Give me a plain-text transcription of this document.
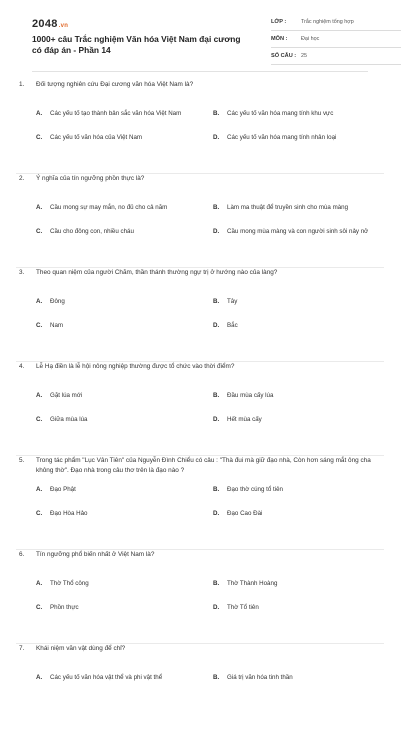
2048.vn
1000+ câu Trắc nghiệm Văn hóa Việt Nam đại cương có đáp án - Phần 14
LỚP :	Trắc nghiệm tổng hợp
MÔN :	Đại học
SỐ CÂU : 25
1.	Đối tượng nghiên cứu Đại cương văn hóa Việt Nam là?
A.	Các yếu tố tạo thành bản sắc văn hóa Việt Nam	B.	Các yếu tố văn hóa mang tính khu vực
C.	Các yếu tố văn hóa của Việt Nam	D.	Các yếu tố văn hóa mang tính nhân loại
2.	Ý nghĩa của tín ngưỡng phồn thực là?
A.	Cầu mong sự may mắn, no đủ cho cả năm	B.	Làm ma thuật để truyền sinh cho mùa màng
C.	Cầu cho đông con, nhiều cháu	D.	Cầu mong mùa màng và con người sinh sôi nảy nở
3.	Theo quan niệm của người Chăm, thần thánh thường ngự trị ở hướng nào của làng?
A.	Đông	B.	Tây
C.	Nam	D.	Bắc
4.	Lễ Hạ điền là lễ hội nông nghiệp thường được tổ chức vào thời điểm?
A.	Gặt lúa mới	B.	Đầu mùa cấy lúa
C.	Giữa mùa lúa	D.	Hết mùa cấy
5.	Trong tác phẩm "Lục Vân Tiên" của Nguyễn Đình Chiểu có câu : "Thà đui mà giữ đạo nhà, Còn hơn sáng mắt ông cha không thờ". Đạo nhà trong câu thơ trên là đạo nào ?
A.	Đạo Phật	B.	Đạo thờ cúng tổ tiên
C.	Đạo Hòa Hảo	D.	Đạo Cao Đài
6.	Tín ngưỡng phổ biến nhất ở Việt Nam là?
A.	Thờ Thổ công	B.	Thờ Thành Hoàng
C.	Phồn thực	D.	Thờ Tổ tiên
7.	Khái niệm văn vật dùng để chỉ?
A.	Các yếu tố văn hóa vật thể và phi vật thể	B.	Giá trị văn hóa tinh thần
